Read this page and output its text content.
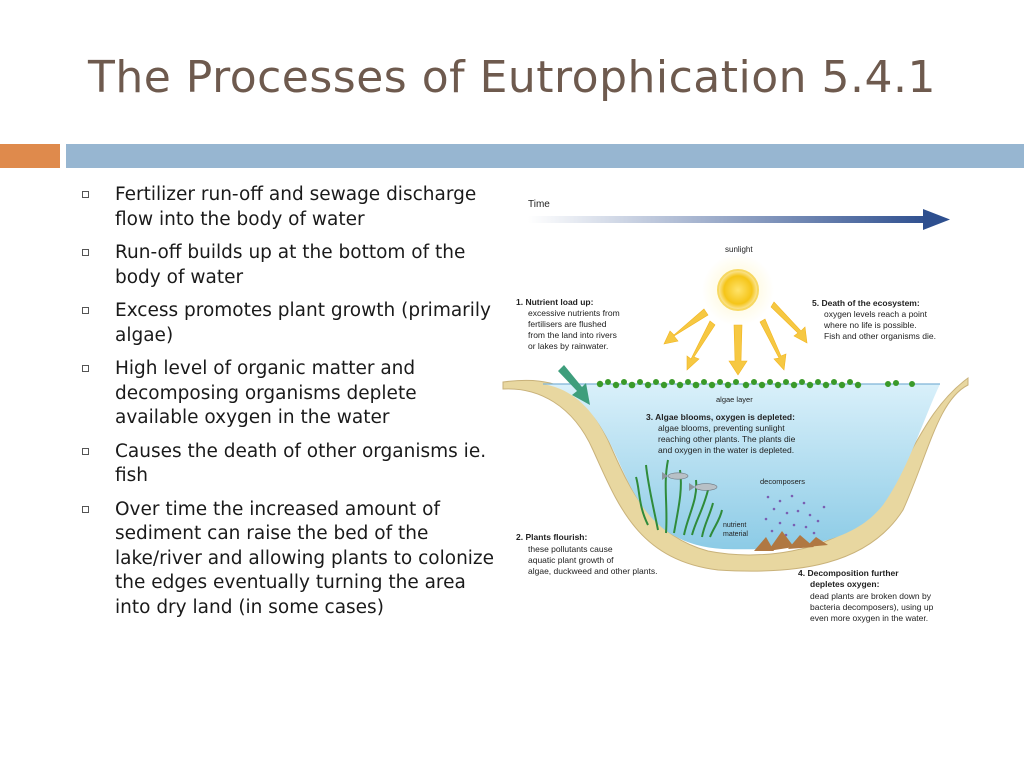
The Processes of Eutrophication 5.4.1
Fertilizer run-off and sewage discharge flow into the body of water
Run-off builds up at the bottom of the body of water
Excess promotes plant growth (primarily algae)
High level of organic matter and decomposing organisms deplete available oxygen in the water
Causes the death of other organisms ie. fish
Over time the increased amount of sediment can raise the bed of the lake/river and allowing plants to colonize the edges eventually turning the area into dry land (in some cases)
Time
sunlight
algae layer
decomposers
nutrient
material
1. Nutrient load up:
excessive nutrients from
fertilisers are flushed
from the land into rivers
or lakes by rainwater.
5. Death of the ecosystem:
oxygen levels reach a point
where no life is possible.
Fish and other organisms die.
3. Algae blooms, oxygen is depleted:
algae blooms, preventing sunlight
reaching other plants. The plants die
and oxygen in the water is depleted.
2. Plants flourish:
these pollutants cause
aquatic plant growth of
algae, duckweed and other plants.	4. Decomposition further
depletes oxygen:
dead plants are broken down by
bacteria decomposers), using up
even more oxygen in the water.
